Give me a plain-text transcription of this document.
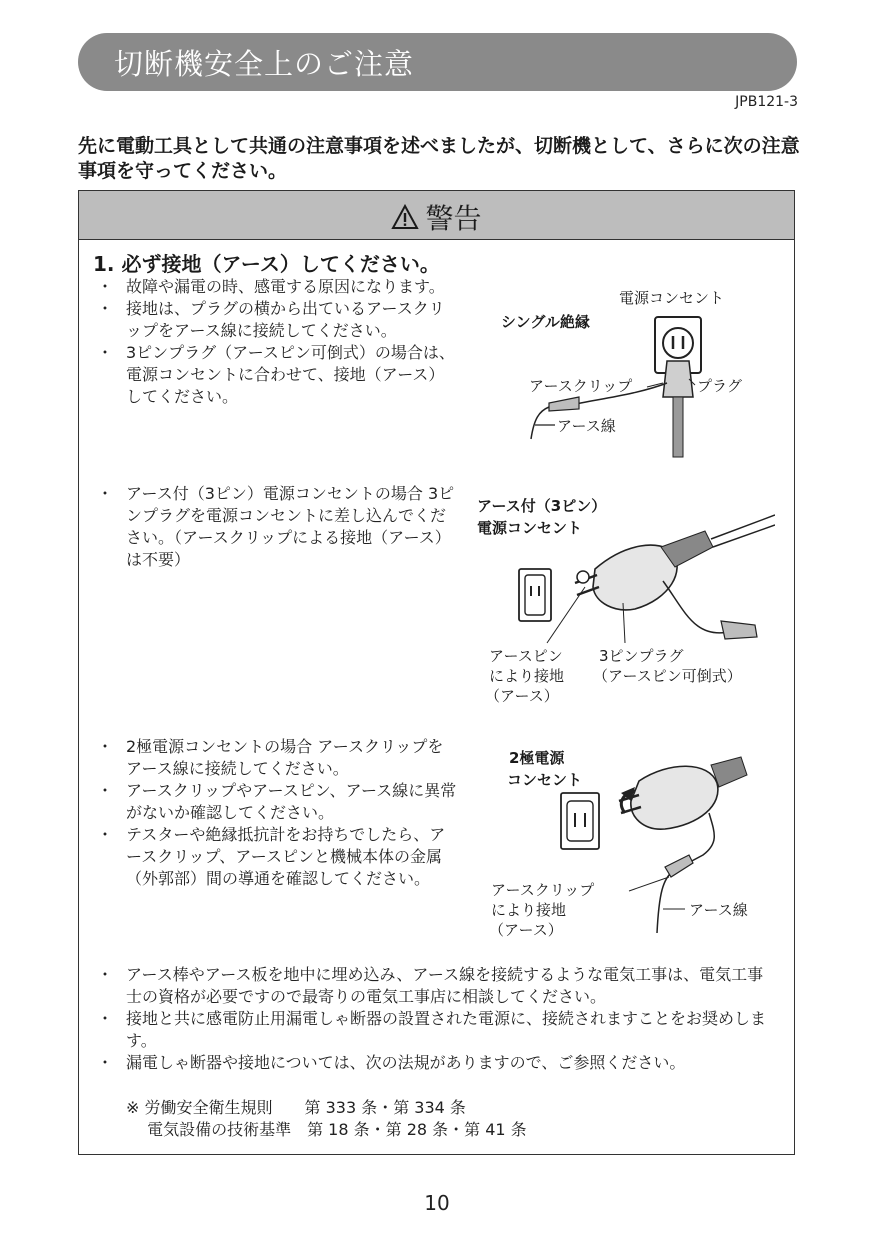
切断機安全上のご注意
JPB121-3
先に電動工具として共通の注意事項を述べましたが、切断機として、さらに次の注意事項を守ってください。
警告
1. 必ず接地（アース）してください。
・ 故障や漏電の時、感電する原因になります。
・ 接地は、プラグの横から出ているアースクリップをアース線に接続してください。
・ 3ピンプラグ（アースピン可倒式）の場合は、電源コンセントに合わせて、接地（アース）してください。
・ アース付（3ピン）電源コンセントの場合 3ピンプラグを電源コンセントに差し込んでください。（アースクリップによる接地（アース）は不要）
・ 2極電源コンセントの場合 アースクリップをアース線に接続してください。
・ アースクリップやアースピン、アース線に異常がないか確認してください。
・ テスターや絶縁抵抗計をお持ちでしたら、アースクリップ、アースピンと機械本体の金属（外郭部）間の導通を確認してください。
・ アース棒やアース板を地中に埋め込み、アース線を接続するような電気工事は、電気工事士の資格が必要ですので最寄りの電気工事店に相談してください。
・ 接地と共に感電防止用漏電しゃ断器の設置された電源に、接続されますことをお奨めします。
・ 漏電しゃ断器や接地については、次の法規がありますので、ご参照ください。
※ 労働安全衛生規則　　第 333 条・第 334 条
　 電気設備の技術基準　第 18 条・第 28 条・第 41 条
電源コンセント
シングル絶縁
アースクリップ	プラグ
アース線
アース付（3ピン）
電源コンセント
アースピン
により接地
（アース）
3ピンプラグ
（アースピン可倒式）
2極電源
コンセント
アースクリップ
により接地
（アース）
アース線
10
